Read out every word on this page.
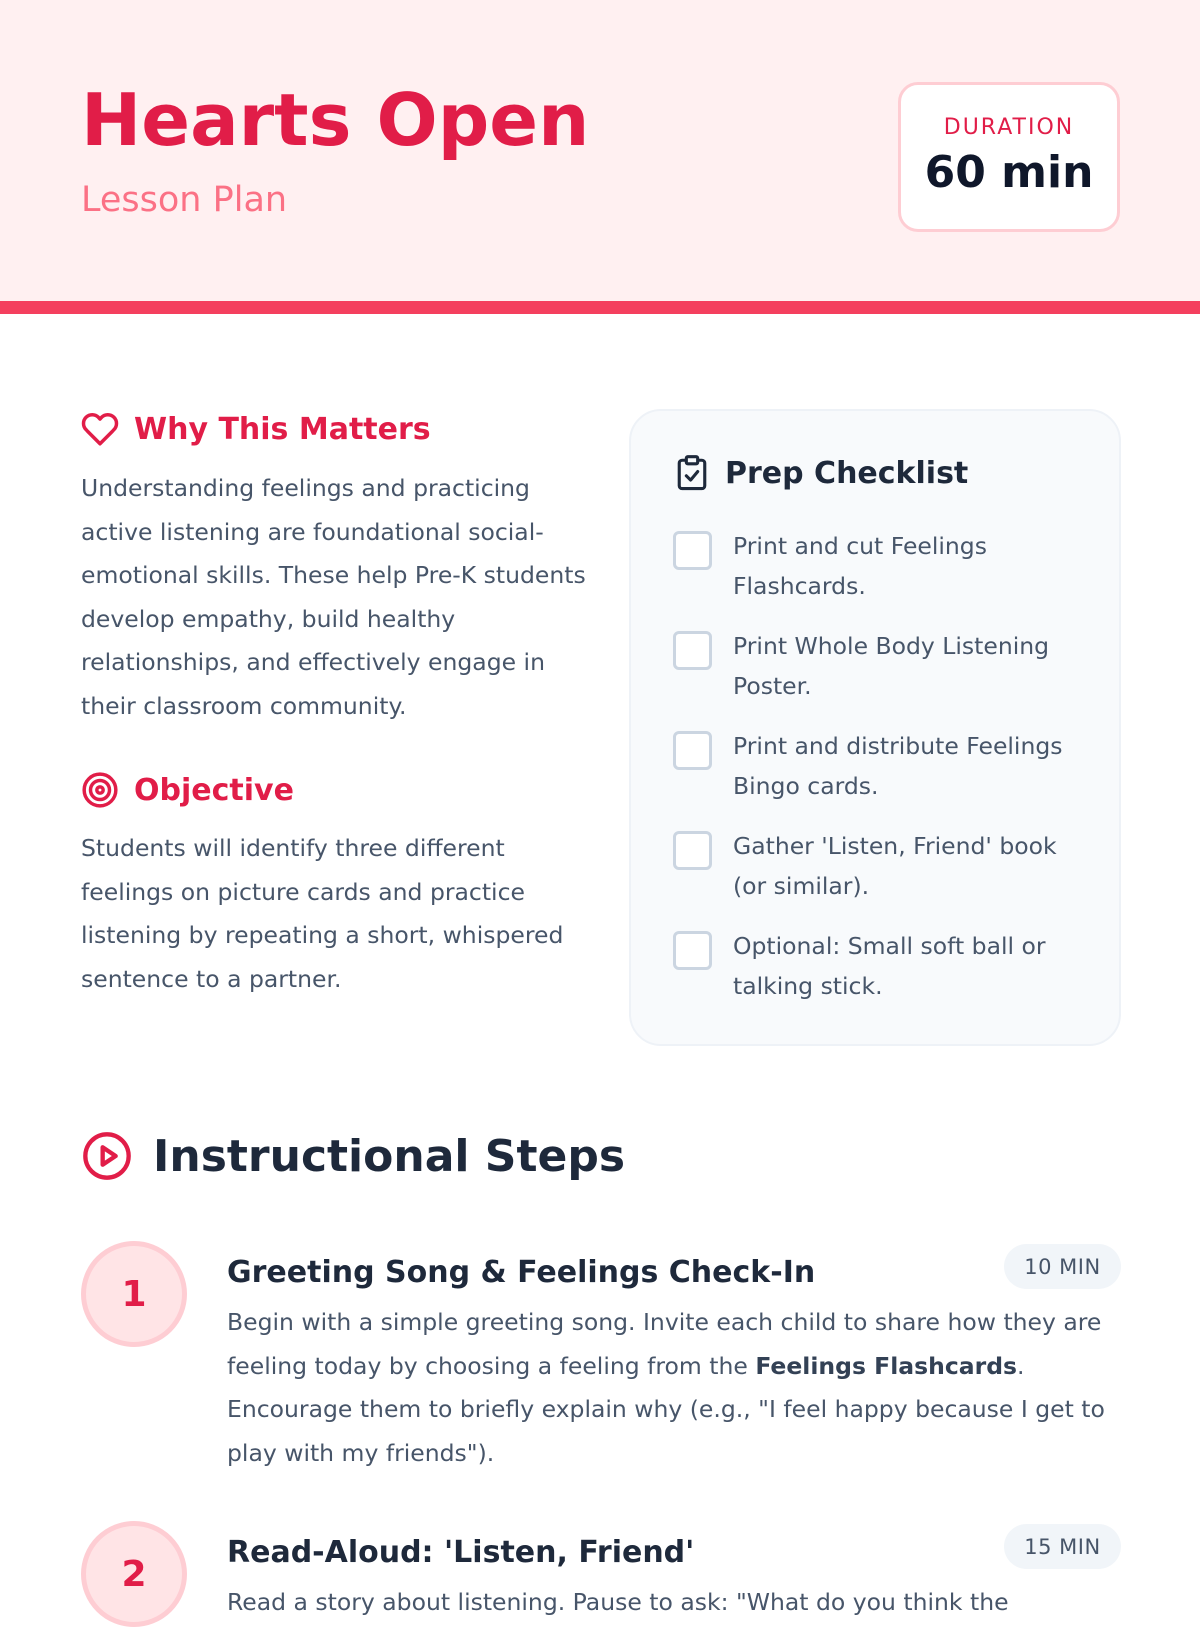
Hearts Open
Lesson Plan
DURATION
60 min
Why This Matters
Understanding feelings and practicing active listening are foundational social-emotional skills. These help Pre-K students develop empathy, build healthy relationships, and effectively engage in their classroom community.
Objective
Students will identify three different feelings on picture cards and practice listening by repeating a short, whispered sentence to a partner.
Prep Checklist
Print and cut Feelings Flashcards.
Print Whole Body Listening Poster.
Print and distribute Feelings Bingo cards.
Gather 'Listen, Friend' book (or similar).
Optional: Small soft ball or talking stick.
Instructional Steps
1
Greeting Song & Feelings Check-In	10 MIN
Begin with a simple greeting song. Invite each child to share how they are feeling today by choosing a feeling from the Feelings Flashcards. Encourage them to briefly explain why (e.g., "I feel happy because I get to play with my friends").
2
Read-Aloud: 'Listen, Friend'	15 MIN
Read a story about listening. Pause to ask: "What do you think the
